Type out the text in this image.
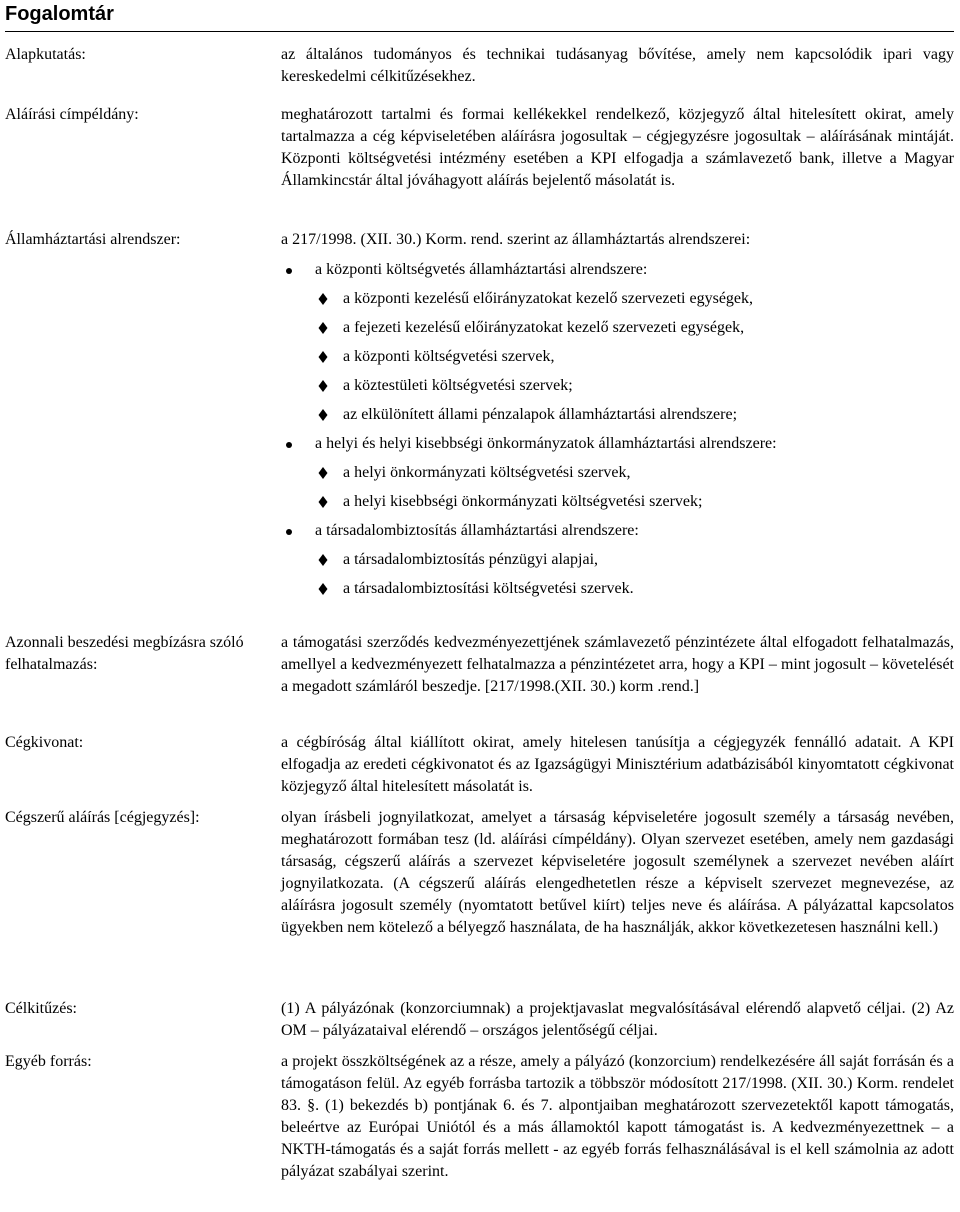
Fogalomtár
Alapkutatás:	az általános tudományos és technikai tudásanyag bővítése, amely nem kapcsolódik ipari vagy kereskedelmi célkitűzésekhez.
Aláírási címpéldány:	meghatározott tartalmi és formai kellékekkel rendelkező, közjegyző által hitelesített okirat, amely tartalmazza a cég képviseletében aláírásra jogosultak – cégjegyzésre jogosultak – aláírásának mintáját. Központi költségvetési intézmény esetében a KPI elfogadja a számlavezető bank, illetve a Magyar Államkincstár által jóváhagyott aláírás bejelentő másolatát is.
Államháztartási alrendszer:	a 217/1998. (XII. 30.) Korm. rend. szerint az államháztartás alrendszerei:

a központi költségvetés államháztartási alrendszere:
a központi kezelésű előirányzatokat kezelő szervezeti egységek,
a fejezeti kezelésű előirányzatokat kezelő szervezeti egységek,
a központi költségvetési szervek,
a köztestületi költségvetési szervek;
az elkülönített állami pénzalapok államháztartási alrendszere;
a helyi és helyi kisebbségi önkormányzatok államháztartási alrendszere:
a helyi önkormányzati költségvetési szervek,
a helyi kisebbségi önkormányzati költségvetési szervek;
a társadalombiztosítás államháztartási alrendszere:
a társadalombiztosítás pénzügyi alapjai,
a társadalombiztosítási költségvetési szervek.
Azonnali beszedési megbízásra szóló felhatalmazás:
a támogatási szerződés kedvezményezettjének számlavezető pénzintézete által elfogadott felhatalmazás, amellyel a kedvezményezett felhatalmazza a pénzintézetet arra, hogy a KPI – mint jogosult – követelését a megadott számláról beszedje. [217/1998.(XII. 30.) korm .rend.]
Cégkivonat:	a cégbíróság által kiállított okirat, amely hitelesen tanúsítja a cégjegyzék fennálló adatait. A KPI elfogadja az eredeti cégkivonatot és az Igazságügyi Minisztérium adatbázisából kinyomtatott cégkivonat közjegyző által hitelesített másolatát is.
Cégszerű aláírás [cégjegyzés]:	olyan írásbeli jognyilatkozat, amelyet a társaság képviseletére jogosult személy a társaság nevében, meghatározott formában tesz (ld. aláírási címpéldány). Olyan szervezet esetében, amely nem gazdasági társaság, cégszerű aláírás a szervezet képviseletére jogosult személynek a szervezet nevében aláírt jognyilatkozata. (A cégszerű aláírás elengedhetetlen része a képviselt szervezet megnevezése, az aláírásra jogosult személy (nyomtatott betűvel kiírt) teljes neve és aláírása. A pályázattal kapcsolatos ügyekben nem kötelező a bélyegző használata, de ha használják, akkor következetesen használni kell.)
Célkitűzés:	(1) A pályázónak (konzorciumnak) a projektjavaslat megvalósításával elérendő alapvető céljai. (2) Az OM – pályázataival elérendő – országos jelentőségű céljai.
Egyéb forrás:	a projekt összköltségének az a része, amely a pályázó (konzorcium) rendelkezésére áll saját forrásán és a támogatáson felül. Az egyéb forrásba tartozik a többször módosított 217/1998. (XII. 30.) Korm. rendelet 83. §. (1) bekezdés b) pontjának 6. és 7. alpontjaiban meghatározott szervezetektől kapott támogatás, beleértve az Európai Uniótól és a más államoktól kapott támogatást is. A kedvezményezettnek – a NKTH-támogatás és a saját forrás mellett - az egyéb forrás felhasználásával is el kell számolnia az adott pályázat szabályai szerint.
